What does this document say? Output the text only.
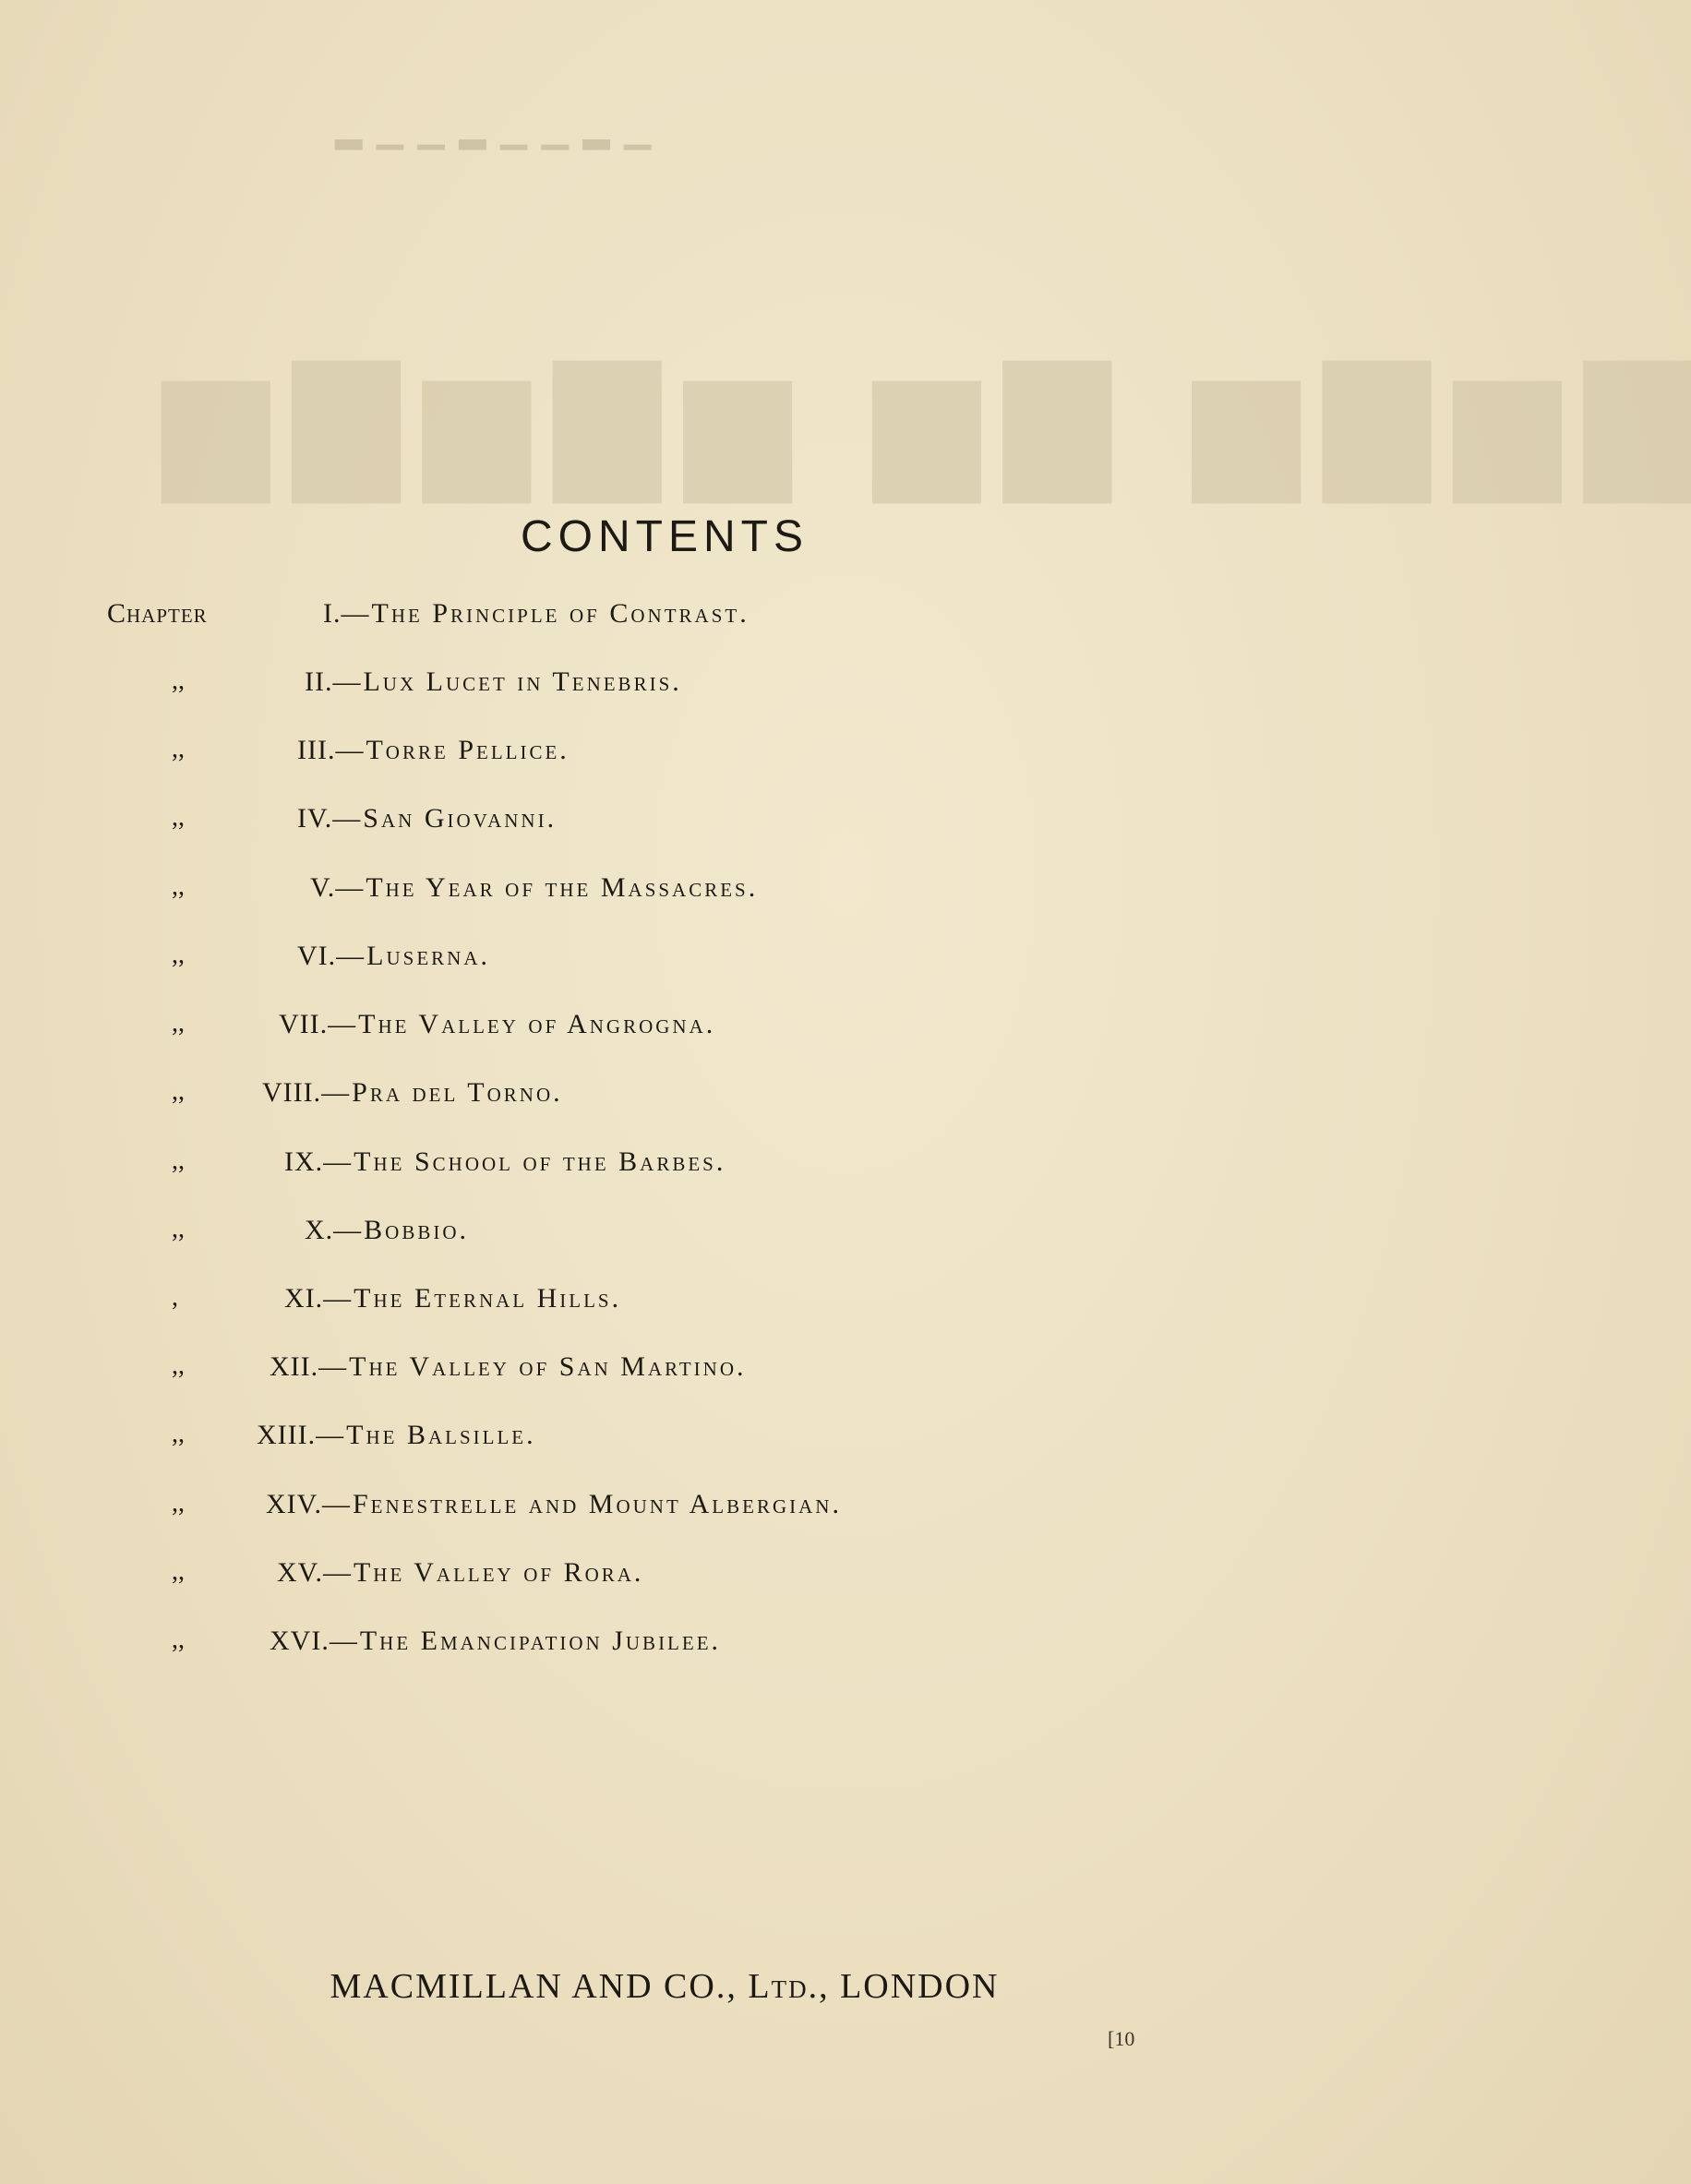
▁ ▂ ▁ ▁ ▂ ▁ ▁ ▂
▇▆▇▆ ▇▆ ▆▇▆▇▆
CONTENTS
Chapter	I.—The Principle of Contrast.
,,	II.—Lux Lucet in Tenebris.
,,	III.—Torre Pellice.
,,	IV.—San Giovanni.
,,	V.—The Year of the Massacres.
,,	VI.—Luserna.
,,	VII.—The Valley of Angrogna.
,,	VIII.—Pra del Torno.
,,	IX.—The School of the Barbes.
,,	X.—Bobbio.
,	XI.—The Eternal Hills.
,,	XII.—The Valley of San Martino.
,,	XIII.—The Balsille.
,,	XIV.—Fenestrelle and Mount Albergian.
,,	XV.—The Valley of Rora.
,,	XVI.—The Emancipation Jubilee.
MACMILLAN AND CO., Ltd., LONDON
[10
